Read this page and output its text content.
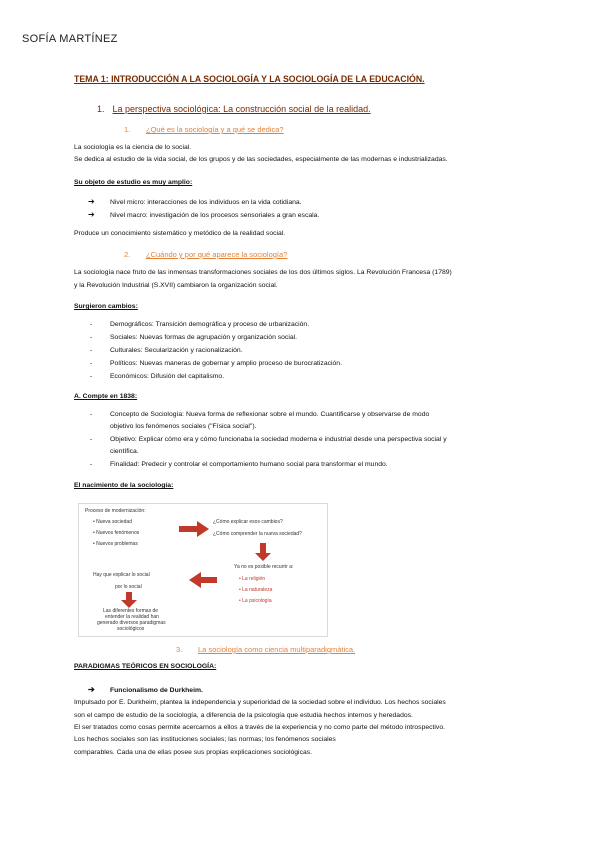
SOFÍA MARTÍNEZ
TEMA 1: INTRODUCCIÓN A LA SOCIOLOGÍA Y LA SOCIOLOGÍA DE LA EDUCACIÓN.
1. La perspectiva sociológica: La construcción social de la realidad.
1. ¿Qué es la sociología y a qué se dedica?
La sociología es la ciencia de lo social.
Se dedica al estudio de la vida social, de los grupos y de las sociedades, especialmente de las modernas e industrializadas.
Su objeto de estudio es muy amplio:
➔ Nivel micro: interacciones de los individuos en la vida cotidiana.
➔ Nivel macro: investigación de los procesos sensoriales a gran escala.
Produce un conocimiento sistemático y metódico de la realidad social.
2. ¿Cuándo y por qué aparece la sociología?
La sociología nace fruto de las inmensas transformaciones sociales de los dos últimos siglos. La Revolución Francesa (1789)
y la Revolución Industrial (S.XVII) cambiaron la organización social.
Surgieron cambios:
-	Demográficos: Transición demográfica y proceso de urbanización.
-	Sociales: Nuevas formas de agrupación y organización social.
-	Culturales: Secularización y racionalización.
-	Políticos: Nuevas maneras de gobernar y amplio proceso de burocratización.
-	Económicos: Difusión del capitalismo.
A. Compte en 1838:
-	Concepto de Sociología: Nueva forma de reflexionar sobre el mundo. Cuantificarse y observarse de modo
objetivo los fenómenos sociales ("Física social").
-	Objetivo: Explicar cómo era y cómo funcionaba la sociedad moderna e industrial desde una perspectiva social y
científica.
-	Finalidad: Predecir y controlar el comportamiento humano social para transformar el mundo.
El nacimiento de la sociología:
Proceso de modernización:
• Nueva sociedad
• Nuevos fenómenos
• Nuevos problemas
¿Cómo explicar esos cambios?
¿Cómo comprender la nueva sociedad?
Ya no es posible recurrir a:
• La religión
• La naturaleza
• La psicología
Hay que explicar lo social
por lo social
Las diferentes formas de
entender la realidad han
generado diversos paradigmas
sociológicos
3. La sociología como ciencia multiparadigmática.
PARADIGMAS TEÓRICOS EN SOCIOLOGÍA:
➔ Funcionalismo de Durkheim.
Impulsado por E. Durkheim, plantea la independencia y superioridad de la sociedad sobre el individuo. Los hechos sociales
son el campo de estudio de la sociología, a diferencia de la psicología que estudia hechos internos y heredados.
El ser tratados como cosas permite acercarnos a ellos a través de la experiencia y no como parte del método introspectivo.
Los hechos sociales son las instituciones sociales; las normas; los fenómenos sociales
comparables. Cada una de ellas posee sus propias explicaciones sociológicas.
